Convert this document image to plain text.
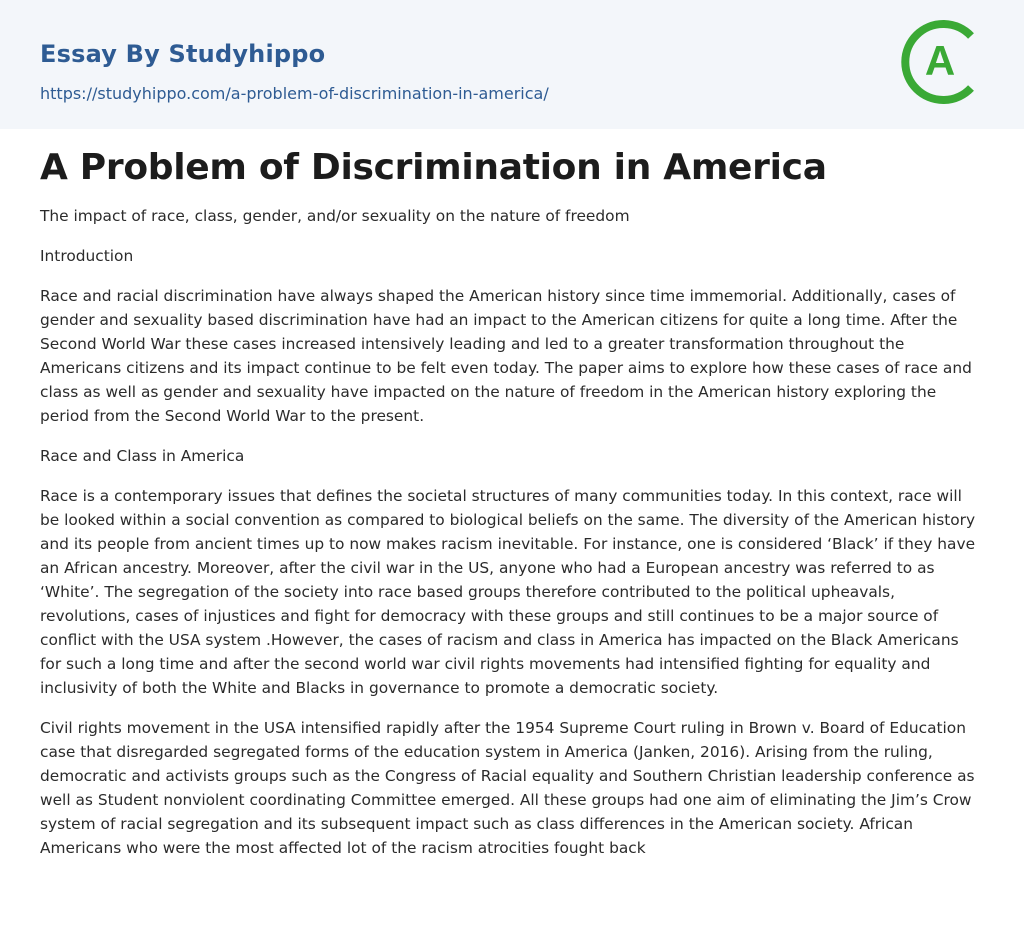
Essay By Studyhippo
https://studyhippo.com/a-problem-of-discrimination-in-america/
A
A Problem of Discrimination in America

The impact of race, class, gender, and/or sexuality on the nature of freedom

Introduction

Race and racial discrimination have always shaped the American history since time immemorial. Additionally, cases of gender and sexuality based discrimination have had an impact to the American citizens for quite a long time. After the Second World War these cases increased intensively leading and led to a greater transformation throughout the Americans citizens and its impact continue to be felt even today. The paper aims to explore how these cases of race and class as well as gender and sexuality have impacted on the nature of freedom in the American history exploring the period from the Second World War to the present.

Race and Class in America

Race is a contemporary issues that defines the societal structures of many communities today. In this context, race will be looked within a social convention as compared to biological beliefs on the same. The diversity of the American history and its people from ancient times up to now makes racism inevitable. For instance, one is considered ‘Black’ if they have an African ancestry. Moreover, after the civil war in the US, anyone who had a European ancestry was referred to as ‘White’. The segregation of the society into race based groups therefore contributed to the political upheavals, revolutions, cases of injustices and fight for democracy with these groups and still continues to be a major source of conflict with the USA system .However, the cases of racism and class in America has impacted on the Black Americans for such a long time and after the second world war civil rights movements had intensified fighting for equality and inclusivity of both the White and Blacks in governance to promote a democratic society.

Civil rights movement in the USA intensified rapidly after the 1954 Supreme Court ruling in Brown v. Board of Education case that disregarded segregated forms of the education system in America (Janken, 2016). Arising from the ruling, democratic and activists groups such as the Congress of Racial equality and Southern Christian leadership conference as well as Student nonviolent coordinating Committee emerged. All these groups had one aim of eliminating the Jim’s Crow system of racial segregation and its subsequent impact such as class differences in the American society. African Americans who were the most affected lot of the racism atrocities fought back
